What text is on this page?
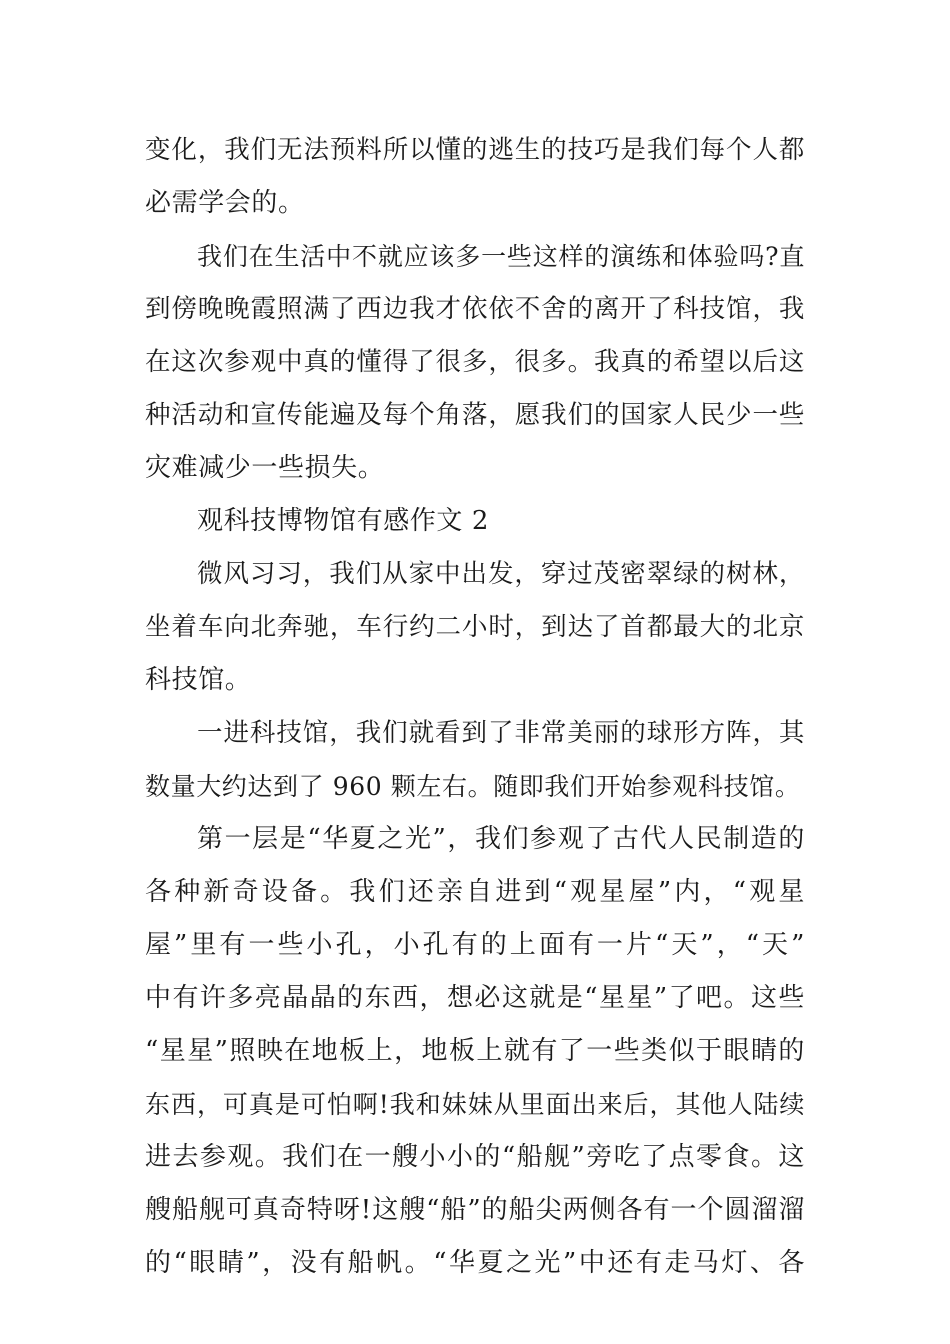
变化，我们无法预料所以懂的逃生的技巧是我们每个人都
必需学会的。
我们在生活中不就应该多一些这样的演练和体验吗?直
到傍晚晚霞照满了西边我才依依不舍的离开了科技馆，我
在这次参观中真的懂得了很多，很多。我真的希望以后这
种活动和宣传能遍及每个角落，愿我们的国家人民少一些
灾难减少一些损失。
观科技博物馆有感作文 2
微风习习，我们从家中出发，穿过茂密翠绿的树林，
坐着车向北奔驰，车行约二小时，到达了首都最大的北京
科技馆。
一进科技馆，我们就看到了非常美丽的球形方阵，其
数量大约达到了 960 颗左右。随即我们开始参观科技馆。
第一层是“华夏之光”，我们参观了古代人民制造的
各种新奇设备。我们还亲自进到“观星屋”内，“观星
屋”里有一些小孔，小孔有的上面有一片“天”，“天”
中有许多亮晶晶的东西，想必这就是“星星”了吧。这些
“星星”照映在地板上，地板上就有了一些类似于眼睛的
东西，可真是可怕啊!我和妹妹从里面出来后，其他人陆续
进去参观。我们在一艘小小的“船舰”旁吃了点零食。这
艘船舰可真奇特呀!这艘“船”的船尖两侧各有一个圆溜溜
的“眼睛”，没有船帆。“华夏之光”中还有走马灯、各
